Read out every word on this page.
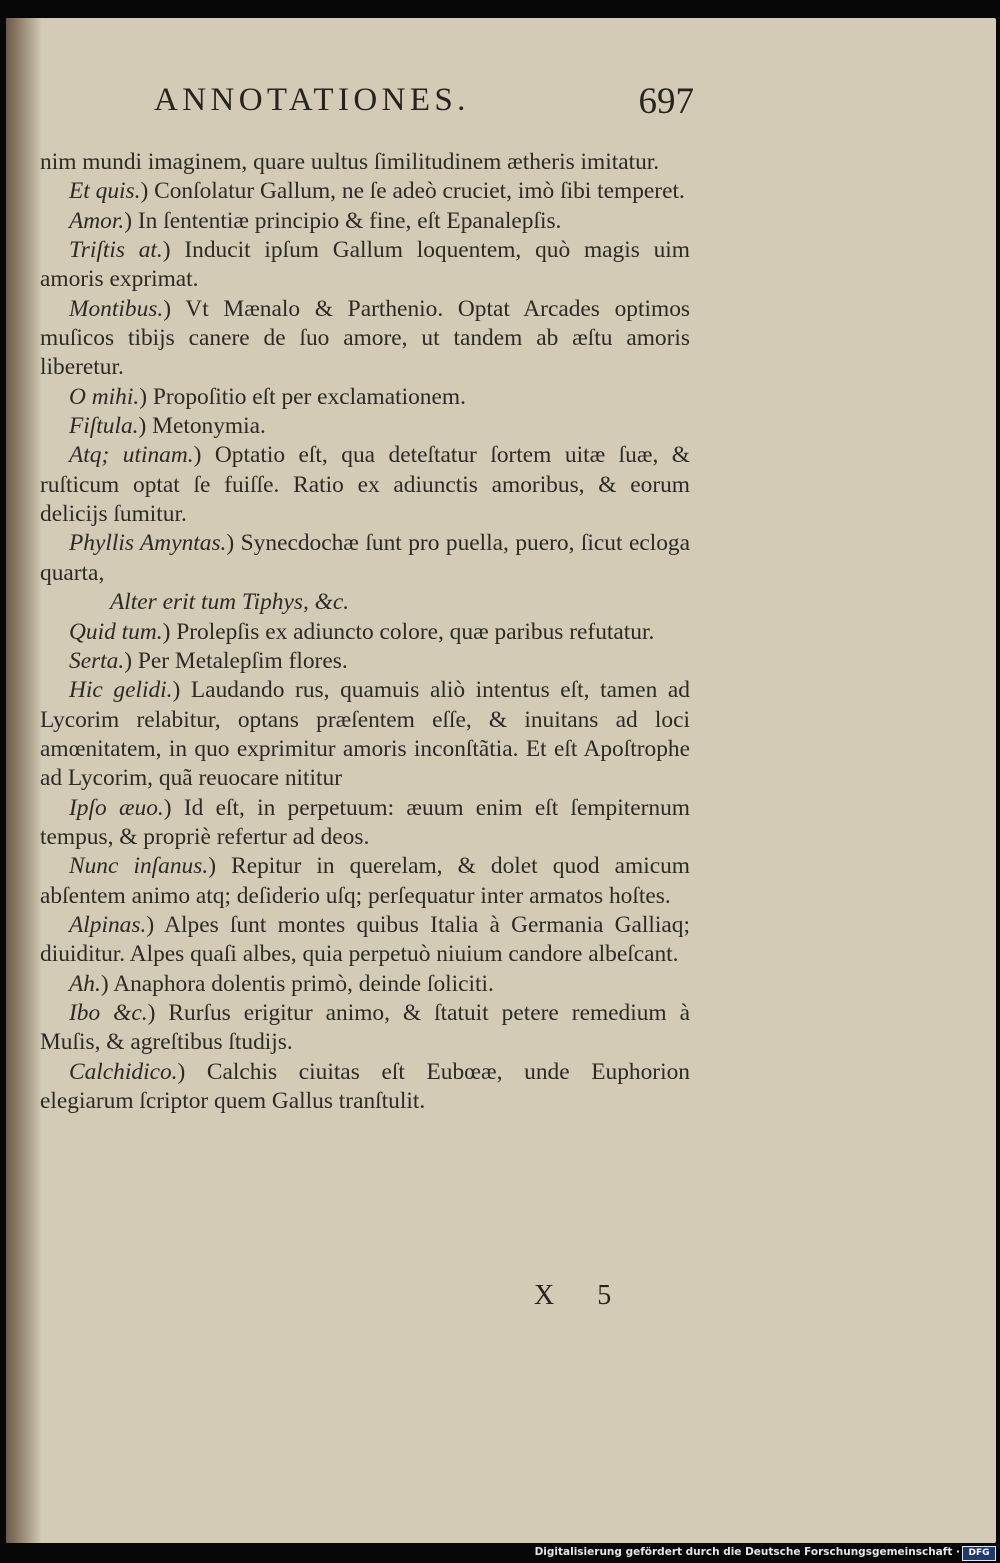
ANNOTATIONES.	697

nim mundi imaginem, quare uultus ſimilitudinem ætheris imitatur.

Et quis.) Conſolatur Gallum, ne ſe adeò cruciet, imò ſibi temperet.

Amor.) In ſententiæ principio & fine, eſt Epanalepſis.

Triſtis at.) Inducit ipſum Gallum loquentem, quò magis uim amoris exprimat.

Montibus.) Vt Mænalo & Parthenio. Optat Arcades optimos muſicos tibijs canere de ſuo amore, ut tandem ab æſtu amoris liberetur.

O mihi.) Propoſitio eſt per exclamationem.

Fiſtula.) Metonymia.

Atq; utinam.) Optatio eſt, qua deteſtatur ſortem uitæ ſuæ, & ruſticum optat ſe fuiſſe. Ratio ex adiunctis amoribus, & eorum delicijs ſumitur.

Phyllis Amyntas.) Synecdochæ ſunt pro puella, puero, ſicut ecloga quarta,

Alter erit tum Tiphys, &c.

Quid tum.) Prolepſis ex adiuncto colore, quæ paribus refutatur.

Serta.) Per Metalepſim flores.

Hic gelidi.) Laudando rus, quamuis aliò intentus eſt, tamen ad Lycorim relabitur, optans præſentem eſſe, & inuitans ad loci amœnitatem, in quo exprimitur amoris inconſtãtia. Et eſt Apoſtrophe ad Lycorim, quã reuocare nititur

Ipſo æuo.) Id eſt, in perpetuum: æuum enim eſt ſempiternum tempus, & propriè refertur ad deos.

Nunc inſanus.) Repitur in querelam, & dolet quod amicum abſentem animo atq; deſiderio uſq; perſequatur inter armatos hoſtes.

Alpinas.) Alpes ſunt montes quibus Italia à Germania Galliaq; diuiditur. Alpes quaſi albes, quia perpetuò niuium candore albeſcant.

Ah.) Anaphora dolentis primò, deinde ſoliciti.

Ibo &c.) Rurſus erigitur animo, & ſtatuit petere remedium à Muſis, & agreſtibus ſtudijs.

Calchidico.) Calchis ciuitas eſt Eubœæ, unde Euphorion elegiarum ſcriptor quem Gallus tranſtulit.

X 5
Digitalisierung gefördert durch die Deutsche Forschungsgemeinschaft · DFG
